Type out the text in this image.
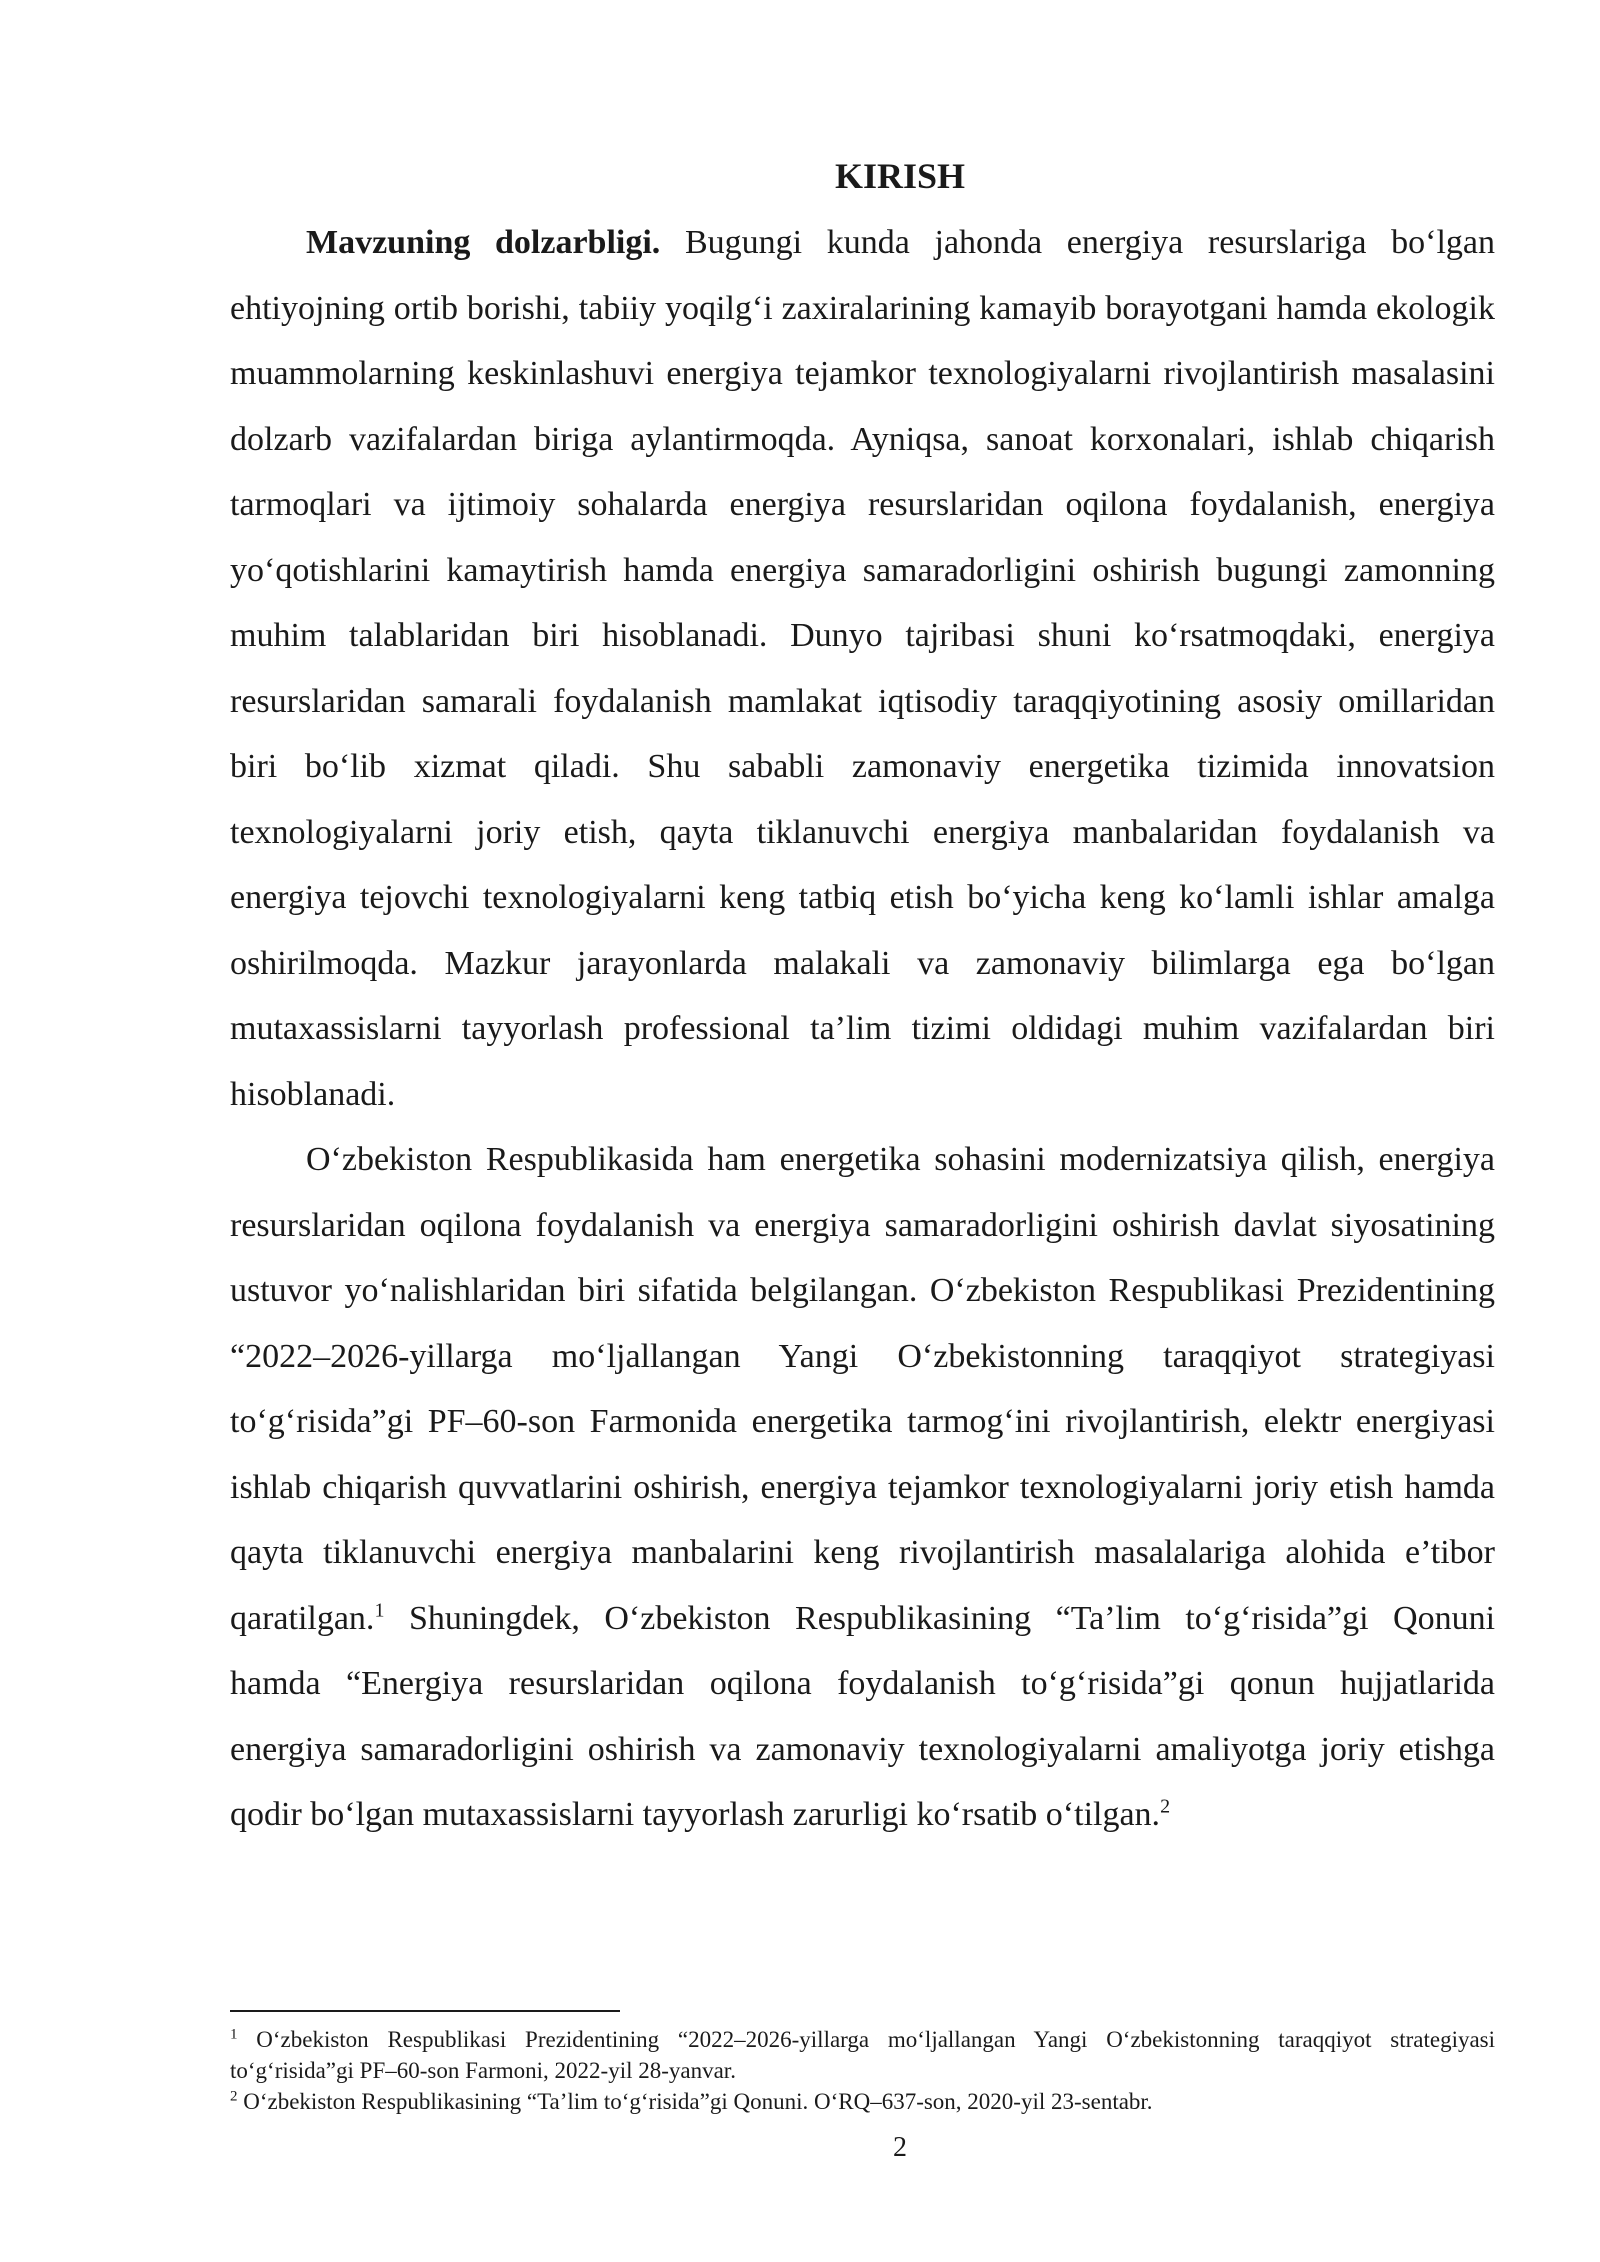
KIRISH

Mavzuning dolzarbligi. Bugungi kunda jahonda energiya resurslariga bo‘lgan ehtiyojning ortib borishi, tabiiy yoqilg‘i zaxiralarining kamayib borayotgani hamda ekologik muammolarning keskinlashuvi energiya tejamkor texnologiyalarni rivojlantirish masalasini dolzarb vazifalardan biriga aylantirmoqda. Ayniqsa, sanoat korxonalari, ishlab chiqarish tarmoqlari va ijtimoiy sohalarda energiya resurslaridan oqilona foydalanish, energiya yo‘qotishlarini kamaytirish hamda energiya samaradorligini oshirish bugungi zamonning muhim talablaridan biri hisoblanadi. Dunyo tajribasi shuni ko‘rsatmoqdaki, energiya resurslaridan samarali foydalanish mamlakat iqtisodiy taraqqiyotining asosiy omillaridan biri bo‘lib xizmat qiladi. Shu sababli zamonaviy energetika tizimida innovatsion texnologiyalarni joriy etish, qayta tiklanuvchi energiya manbalaridan foydalanish va energiya tejovchi texnologiyalarni keng tatbiq etish bo‘yicha keng ko‘lamli ishlar amalga oshirilmoqda. Mazkur jarayonlarda malakali va zamonaviy bilimlarga ega bo‘lgan mutaxassislarni tayyorlash professional ta’lim tizimi oldidagi muhim vazifalardan biri hisoblanadi.

O‘zbekiston Respublikasida ham energetika sohasini modernizatsiya qilish, energiya resurslaridan oqilona foydalanish va energiya samaradorligini oshirish davlat siyosatining ustuvor yo‘nalishlaridan biri sifatida belgilangan. O‘zbekiston Respublikasi Prezidentining “2022–2026-yillarga mo‘ljallangan Yangi O‘zbekistonning taraqqiyot strategiyasi to‘g‘risida”gi PF–60-son Farmonida energetika tarmog‘ini rivojlantirish, elektr energiyasi ishlab chiqarish quvvatlarini oshirish, energiya tejamkor texnologiyalarni joriy etish hamda qayta tiklanuvchi energiya manbalarini keng rivojlantirish masalalariga alohida e’tibor qaratilgan.$^1$ Shuningdek, O‘zbekiston Respublikasining “Ta’lim to‘g‘risida”gi Qonuni hamda “Energiya resurslaridan oqilona foydalanish to‘g‘risida”gi qonun hujjatlarida energiya samaradorligini oshirish va zamonaviy texnologiyalarni amaliyotga joriy etishga qodir bo‘lgan mutaxassislarni tayyorlash zarurligi ko‘rsatib o‘tilgan.$^2$

$^1$ O‘zbekiston Respublikasi Prezidentining “2022–2026-yillarga mo‘ljallangan Yangi O‘zbekistonning taraqqiyot strategiyasi to‘g‘risida”gi PF–60-son Farmoni, 2022-yil 28-yanvar.

$^2$ O‘zbekiston Respublikasining “Ta’lim to‘g‘risida”gi Qonuni. O‘RQ–637-son, 2020-yil 23-sentabr.

2
